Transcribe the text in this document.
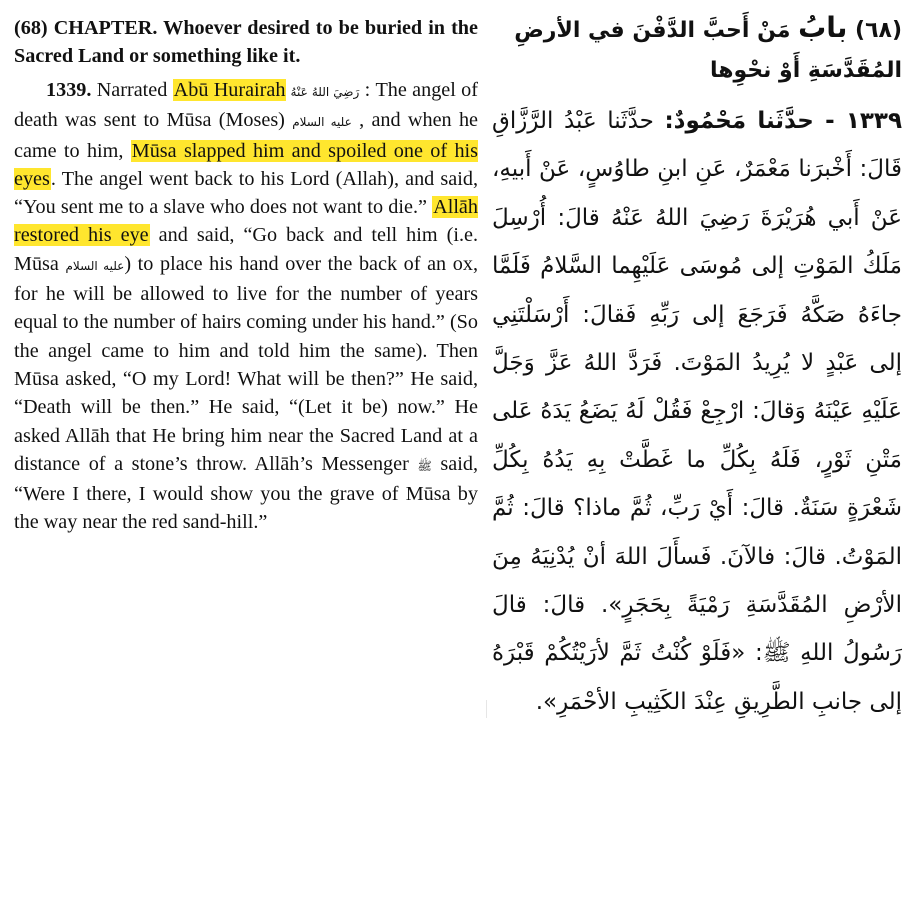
(68) CHAPTER. Whoever desired to be buried in the Sacred Land or something like it.

1339. Narrated Abū Hurairah رَضِيَ اللهُ عَنْهُ : The angel of death was sent to Mūsa (Moses) عليه السلام , and when he came to him, Mūsa slapped him and spoiled one of his eyes. The angel went back to his Lord (Allah), and said, “You sent me to a slave who does not want to die.” Allāh restored his eye and said, “Go back and tell him (i.e. Mūsa عليه السلام) to place his hand over the back of an ox, for he will be allowed to live for the number of years equal to the number of hairs coming under his hand.” (So the angel came to him and told him the same). Then Mūsa asked, “O my Lord! What will be then?” He said, “Death will be then.” He said, “(Let it be) now.” He asked Allāh that He bring him near the Sacred Land at a distance of a stone’s throw. Allāh’s Messenger ﷺ said, “Were I there, I would show you the grave of Mūsa by the way near the red sand-hill.”

(٦٨) بابُ مَنْ أَحبَّ الدَّفْنَ في الأرضِ المُقَدَّسَةِ أَوْ نحْوِها

١٣٣٩ - حدَّثَنا مَحْمُودٌ: حدَّثَنا عَبْدُ الرَّزَّاقِ قَالَ: أَخْبرَنا مَعْمَرٌ، عَنِ ابنِ طاوُسٍ، عَنْ أَبيهِ، عَنْ أَبي هُرَيْرَةَ رَضِيَ اللهُ عَنْهُ قالَ: أُرْسِلَ مَلَكُ المَوْتِ إلى مُوسَى عَلَيْهِما السَّلامُ فَلَمَّا جاءَهُ صَكَّهُ فَرَجَعَ إلى رَبِّهِ فَقالَ: أَرْسَلْتَنِي إلى عَبْدٍ لا يُرِيدُ المَوْتَ. فَرَدَّ اللهُ عَزَّ وَجَلَّ عَلَيْهِ عَيْنَهُ وَقالَ: ارْجِعْ فَقُلْ لَهُ يَضَعُ يَدَهُ عَلى مَتْنِ ثَوْرٍ، فَلَهُ بِكُلِّ ما غَطَّتْ بِهِ يَدُهُ بِكُلِّ شَعْرَةٍ سَنَةٌ. قالَ: أَيْ رَبِّ، ثُمَّ ماذا؟ قالَ: ثُمَّ المَوْتُ. قالَ: فالآنَ. فَسأَلَ اللهَ أنْ يُدْنِيَهُ مِنَ الأرْضِ المُقَدَّسَةِ رَمْيَةً بِحَجَرٍ». قالَ: قالَ رَسُولُ اللهِ ﷺ: «فَلَوْ كُنْتُ ثَمَّ لأرَيْتُكُمْ قَبْرَهُ إلى جانبِ الطَّرِيقِ عِنْدَ الكَثِيبِ الأحْمَرِ».
